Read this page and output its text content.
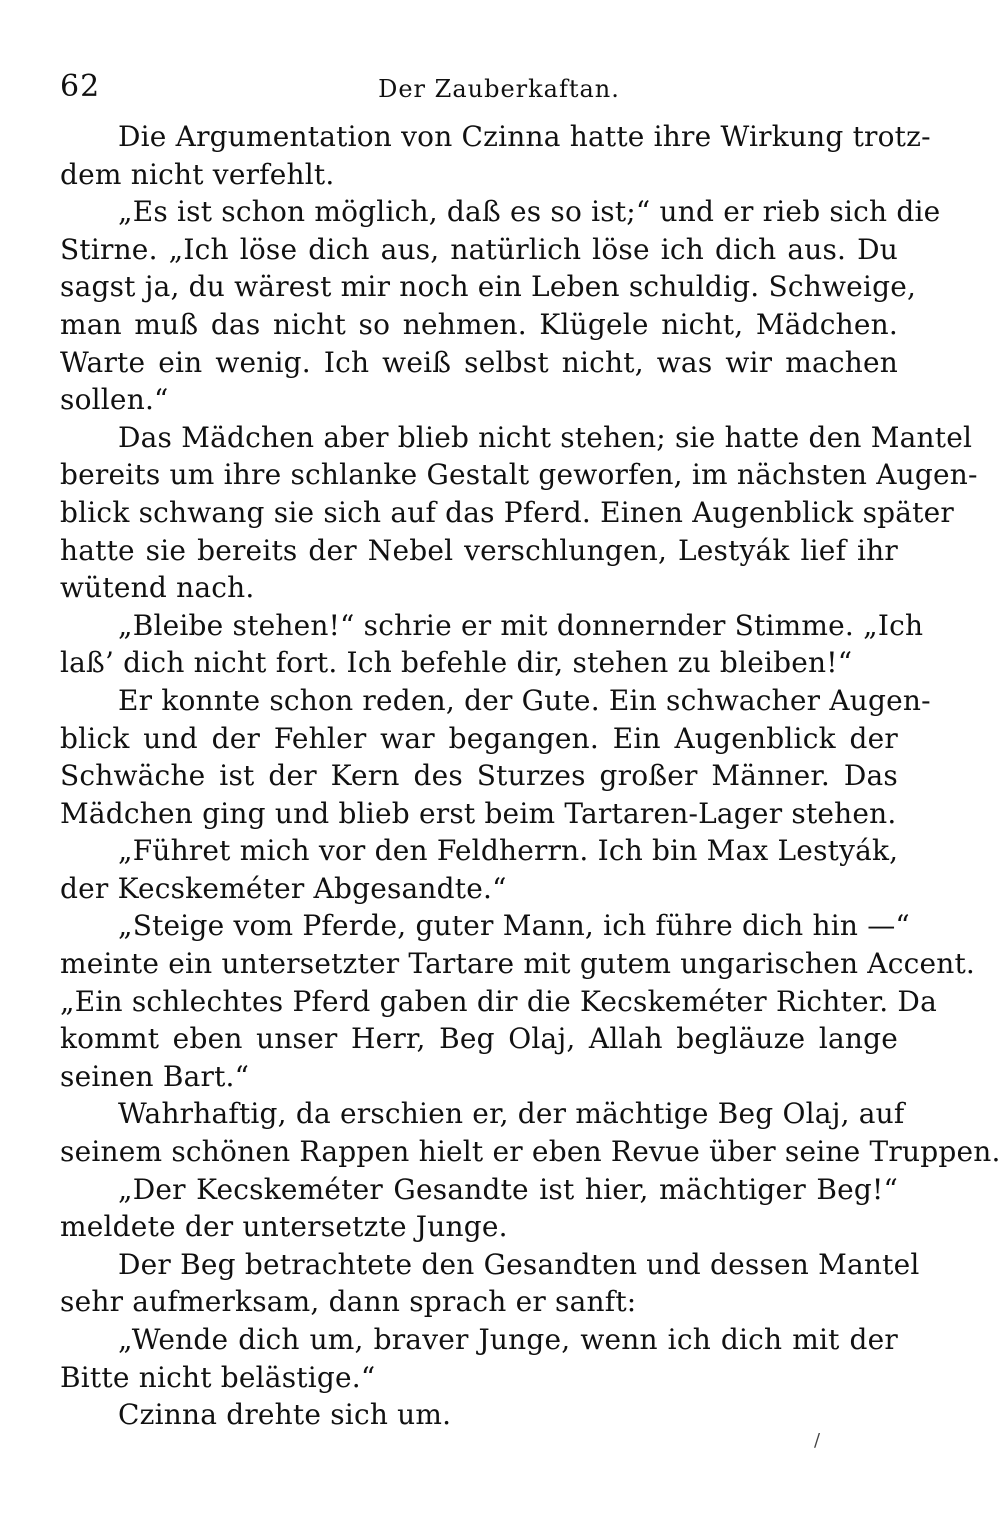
62	Der Zauberkaftan.
Die Argumentation von Czinna hatte ihre Wirkung trotz-
dem nicht verfehlt.
„Es ist schon möglich, daß es so ist;“ und er rieb sich die
Stirne. „Ich löse dich aus, natürlich löse ich dich aus. Du
sagst ja, du wärest mir noch ein Leben schuldig. Schweige,
man muß das nicht so nehmen. Klügele nicht, Mädchen.
Warte ein wenig. Ich weiß selbst nicht, was wir machen
sollen.“
Das Mädchen aber blieb nicht stehen; sie hatte den Mantel
bereits um ihre schlanke Gestalt geworfen, im nächsten Augen-
blick schwang sie sich auf das Pferd. Einen Augenblick später
hatte sie bereits der Nebel verschlungen, Lestyák lief ihr
wütend nach.
„Bleibe stehen!“ schrie er mit donnernder Stimme. „Ich
laß’ dich nicht fort. Ich befehle dir, stehen zu bleiben!“
Er konnte schon reden, der Gute. Ein schwacher Augen-
blick und der Fehler war begangen. Ein Augenblick der
Schwäche ist der Kern des Sturzes großer Männer. Das
Mädchen ging und blieb erst beim Tartaren-Lager stehen.
„Führet mich vor den Feldherrn. Ich bin Max Lestyák,
der Kecskeméter Abgesandte.“
„Steige vom Pferde, guter Mann, ich führe dich hin —“
meinte ein untersetzter Tartare mit gutem ungarischen Accent.
„Ein schlechtes Pferd gaben dir die Kecskeméter Richter. Da
kommt eben unser Herr, Beg Olaj, Allah begläuze lange
seinen Bart.“
Wahrhaftig, da erschien er, der mächtige Beg Olaj, auf
seinem schönen Rappen hielt er eben Revue über seine Truppen.
„Der Kecskeméter Gesandte ist hier, mächtiger Beg!“
meldete der untersetzte Junge.
Der Beg betrachtete den Gesandten und dessen Mantel
sehr aufmerksam, dann sprach er sanft:
„Wende dich um, braver Junge, wenn ich dich mit der
Bitte nicht belästige.“
Czinna drehte sich um.
/
